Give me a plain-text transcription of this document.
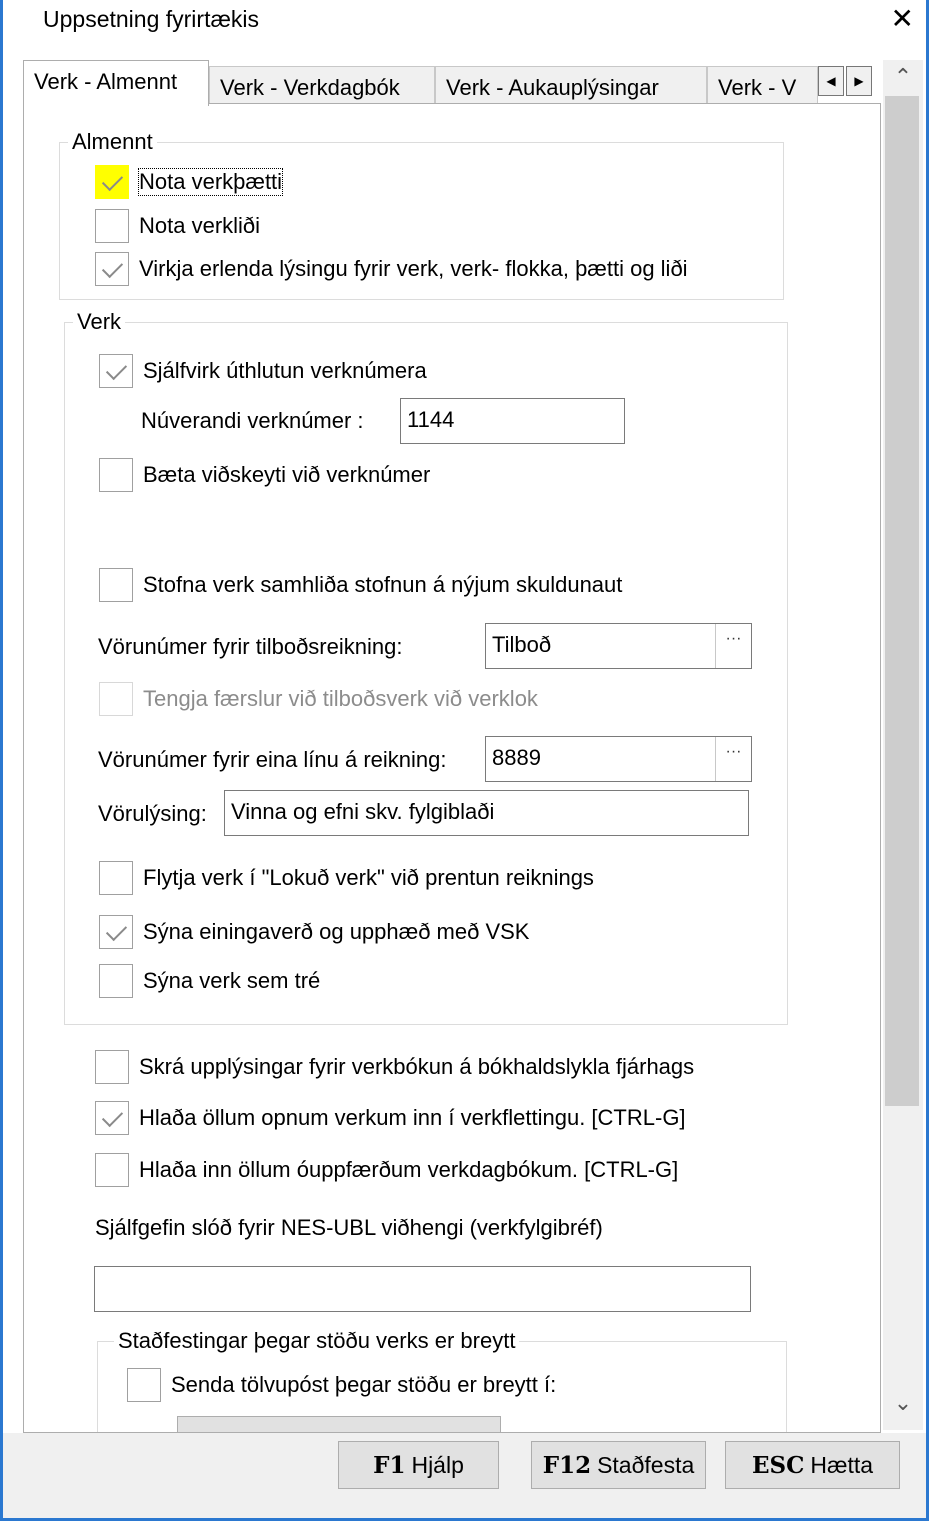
Uppsetning fyrirtækis	✕
Verk - Almennt	Verk - Verkdagbók	Verk - Aukauplýsingar	Verk - V	◀	▶
Almennt
Nota verkþætti
Nota verkliði
Virkja erlenda lýsingu fyrir verk, verk- flokka, þætti og liði
Verk
Sjálfvirk úthlutun verknúmera
Núverandi verknúmer :	1144
Bæta viðskeyti við verknúmer
Stofna verk samhliða stofnun á nýjum skuldunaut
Vörunúmer fyrir tilboðsreikning:	Tilboð	···
Tengja færslur við tilboðsverk við verklok
Vörunúmer fyrir eina línu á reikning:	8889	···
Vörulýsing:	Vinna og efni skv. fylgiblaði
Flytja verk í "Lokuð verk" við prentun reiknings
Sýna einingaverð og upphæð með VSK
Sýna verk sem tré
Skrá upplýsingar fyrir verkbókun á bókhaldslykla fjárhags
Hlaða öllum opnum verkum inn í verkflettingu. [CTRL-G]
Hlaða inn öllum óuppfærðum verkdagbókum. [CTRL-G]
Sjálfgefin slóð fyrir NES-UBL viðhengi (verkfylgibréf)
Staðfestingar þegar stöðu verks er breytt
Senda tölvupóst þegar stöðu er breytt í:
⌃
⌄
F1 Hjálp	F12 Staðfesta	ESC Hætta
